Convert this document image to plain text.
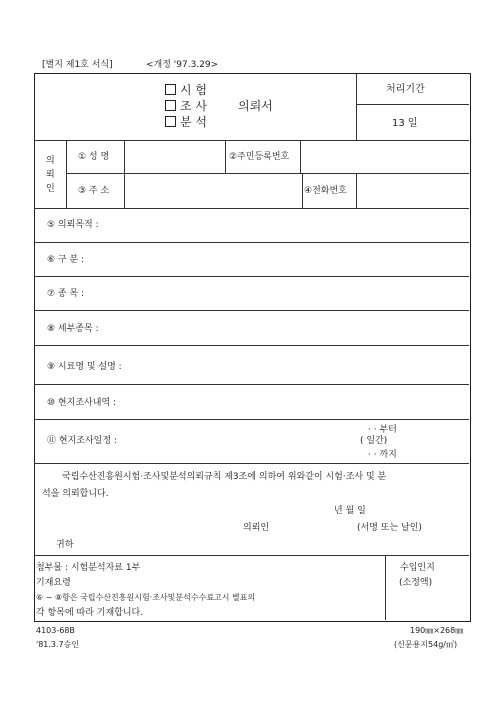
[별지 제1호 서식]	<개정 '97.3.29>
시 험
조 사
분 석
의뢰서
처리기간
13 일
의
뢰
인
① 성 명	②주민등록번호
③ 주 소	④전화번호
⑤ 의뢰목적 :
⑥ 구 분 :
⑦ 종 목 :
⑧ 세부종목 :
⑨ 시료명 및 설명 :
⑩ 현지조사내역 :
⑪ 현지조사일정 :
· · 부터
( 일간)
· · 까지
국립수산진흥원시험·조사및분석의뢰규칙 제3조에 의하여 위와같이 시험·조사 및 분
석을 의뢰합니다.
년 월 일
의뢰인	(서명 또는 날인)
귀하
첨부물 : 시험분석자료 1부
기재요령
⑥ ~ ⑧항은 국립수산진흥원시험·조사및분석수수료고시 별표의
각 항목에 따라 기재합니다.
수입인지
(소정액)
4103-68B
'81.3.7승인
190㎜×268㎜
(신문용지54g/㎡)
